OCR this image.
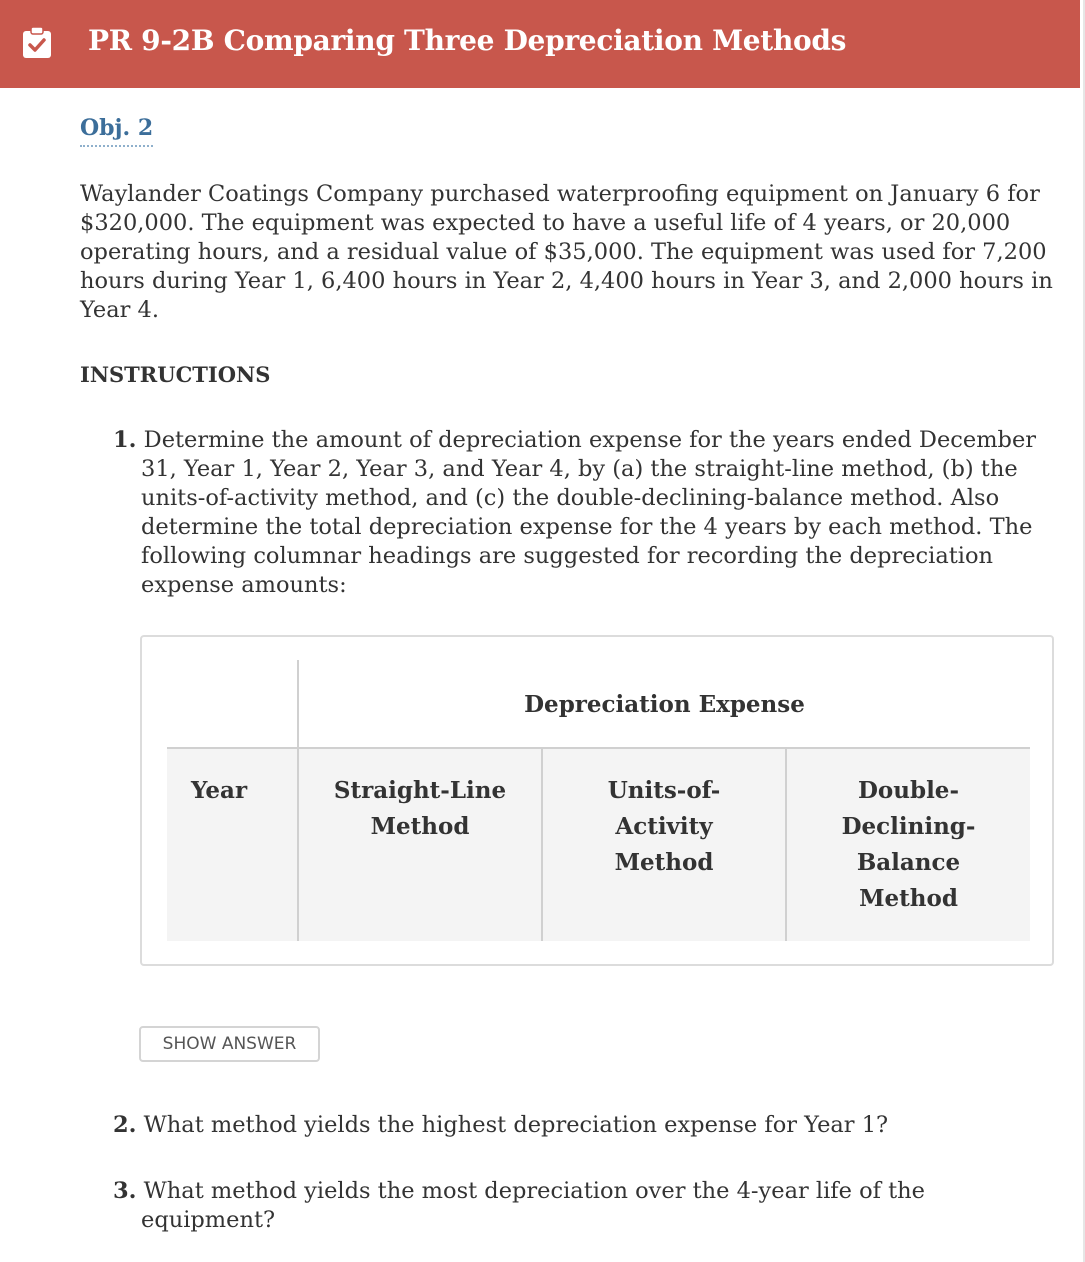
PR 9-2B Comparing Three Depreciation Methods
Obj. 2

Waylander Coatings Company purchased waterproofing equipment on January 6 for $320,000. The equipment was expected to have a useful life of 4 years, or 20,000 operating hours, and a residual value of $35,000. The equipment was used for 7,200 hours during Year 1, 6,400 hours in Year 2, 4,400 hours in Year 3, and 2,000 hours in Year 4.

INSTRUCTIONS
1. Determine the amount of depreciation expense for the years ended December 31, Year 1, Year 2, Year 3, and Year 4, by (a) the straight-line method, (b) the units-of-activity method, and (c) the double-declining-balance method. Also determine the total depreciation expense for the 4 years by each method. The following columnar headings are suggested for recording the depreciation expense amounts:
Depreciation Expense
Year	Straight-Line
Method
Units-of-
Activity
Method
Double-
Declining-
Balance
Method
SHOW ANSWER
2. What method yields the highest depreciation expense for Year 1?
3. What method yields the most depreciation over the 4-year life of the equipment?
